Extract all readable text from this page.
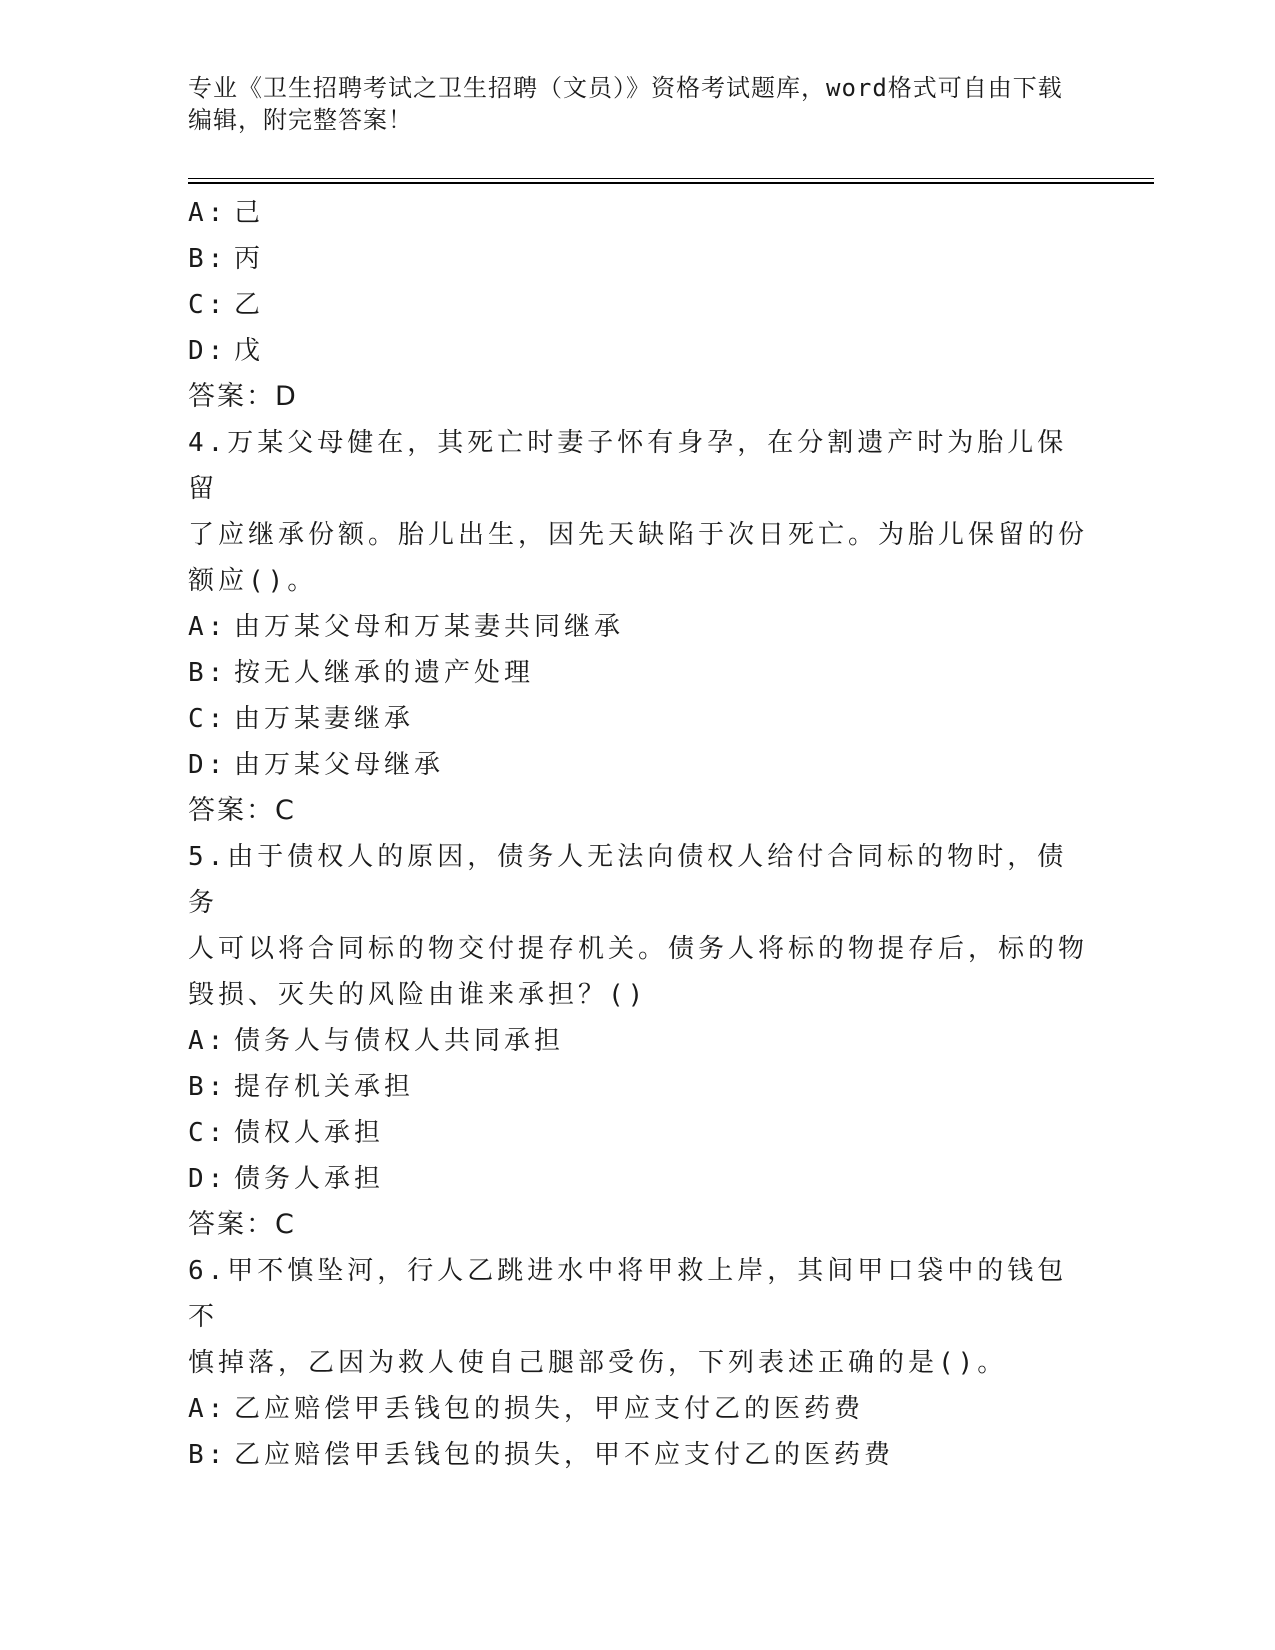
专业《卫生招聘考试之卫生招聘（文员）》资格考试题库，word格式可自由下载编辑，附完整答案！
A: 己
B: 丙
C: 乙
D: 戊
答案：D
4.万某父母健在，其死亡时妻子怀有身孕，在分割遗产时为胎儿保留
了应继承份额。胎儿出生，因先天缺陷于次日死亡。为胎儿保留的份
额应()。
A: 由万某父母和万某妻共同继承
B: 按无人继承的遗产处理
C: 由万某妻继承
D: 由万某父母继承
答案：C
5.由于债权人的原因，债务人无法向债权人给付合同标的物时，债务
人可以将合同标的物交付提存机关。债务人将标的物提存后，标的物
毁损、灭失的风险由谁来承担？()
A: 债务人与债权人共同承担
B: 提存机关承担
C: 债权人承担
D: 债务人承担
答案：C
6.甲不慎坠河，行人乙跳进水中将甲救上岸，其间甲口袋中的钱包不
慎掉落，乙因为救人使自己腿部受伤，下列表述正确的是()。
A: 乙应赔偿甲丢钱包的损失，甲应支付乙的医药费
B: 乙应赔偿甲丢钱包的损失，甲不应支付乙的医药费
